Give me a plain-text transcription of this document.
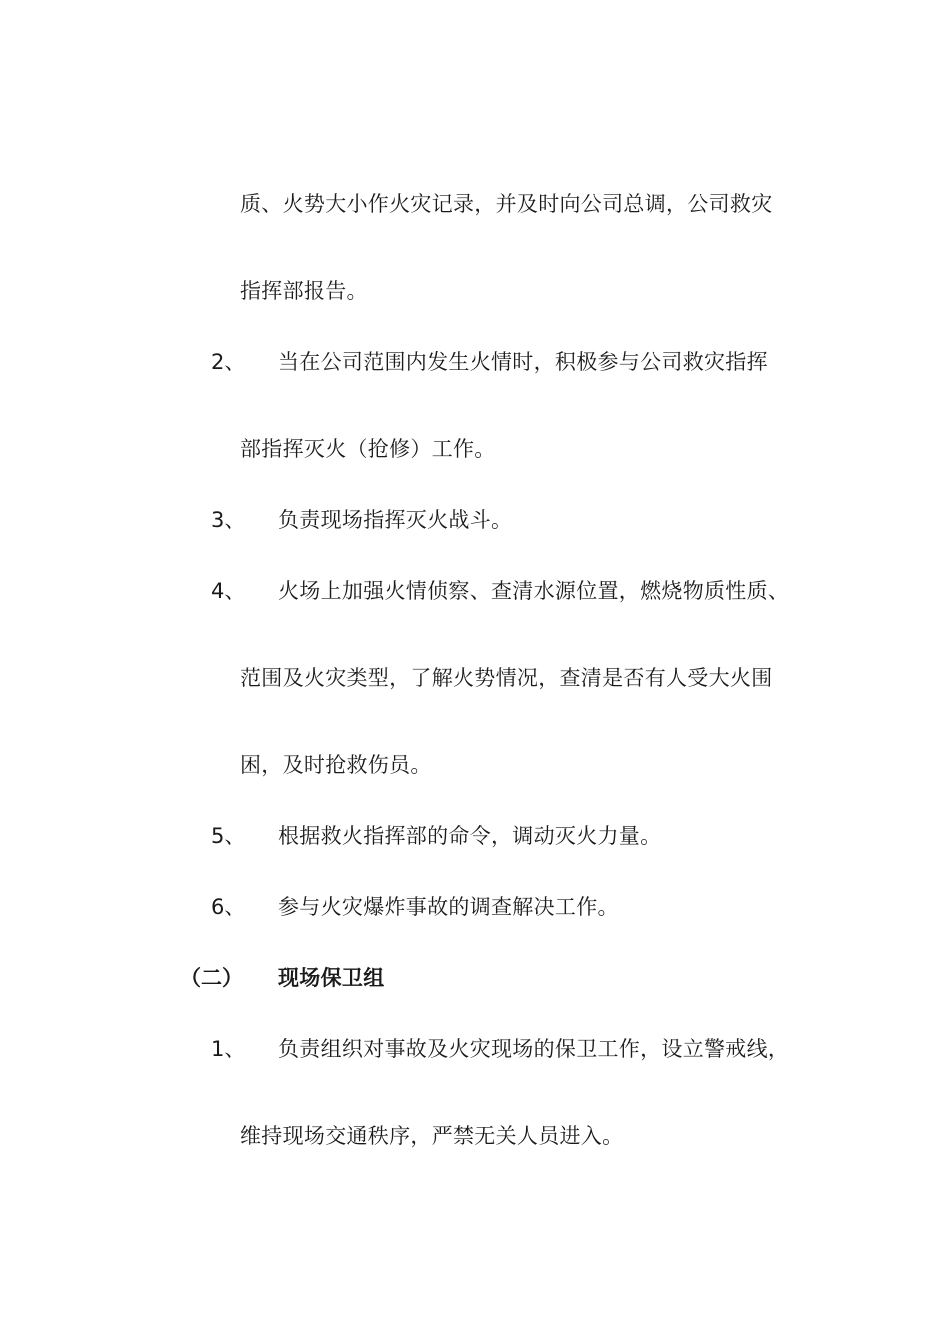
质、火势大小作火灾记录，并及时向公司总调，公司救灾
指挥部报告。
2、 当在公司范围内发生火情时，积极参与公司救灾指挥
部指挥灭火（抢修）工作。
3、 负责现场指挥灭火战斗。
4、 火场上加强火情侦察、查清水源位置，燃烧物质性质、
范围及火灾类型，了解火势情况，查清是否有人受大火围
困，及时抢救伤员。
5、 根据救火指挥部的命令，调动灭火力量。
6、 参与火灾爆炸事故的调查解决工作。
（二） 现场保卫组
1、 负责组织对事故及火灾现场的保卫工作，设立警戒线，
维持现场交通秩序，严禁无关人员进入。
